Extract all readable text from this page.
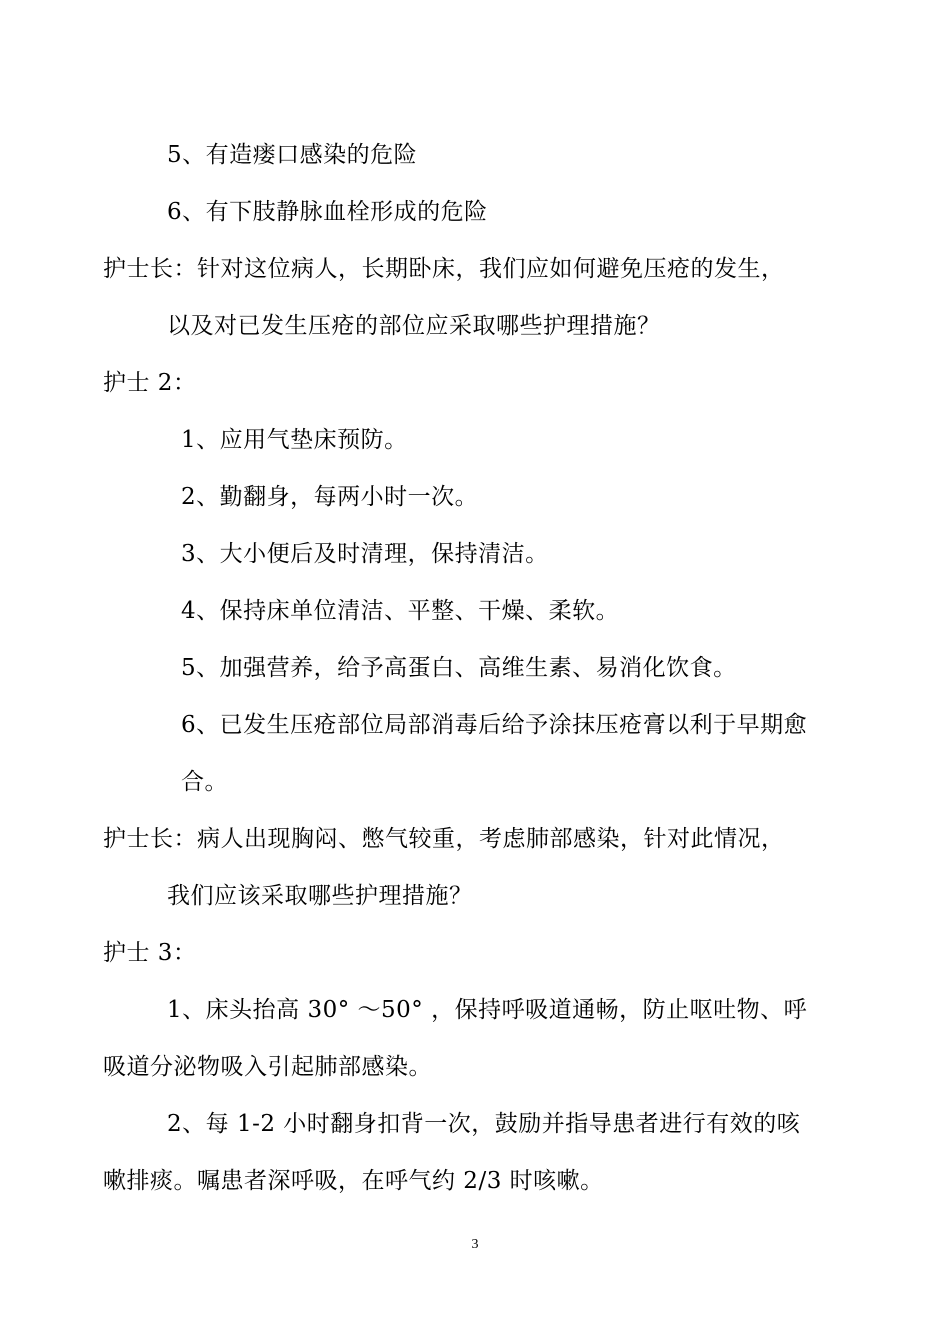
5、有造瘘口感染的危险
6、有下肢静脉血栓形成的危险
护士长：针对这位病人，长期卧床，我们应如何避免压疮的发生，
以及对已发生压疮的部位应采取哪些护理措施？
护士 2：
1、应用气垫床预防。
2、勤翻身，每两小时一次。
3、大小便后及时清理，保持清洁。
4、保持床单位清洁、平整、干燥、柔软。
5、加强营养，给予高蛋白、高维生素、易消化饮食。
6、已发生压疮部位局部消毒后给予涂抹压疮膏以利于早期愈
合。
护士长：病人出现胸闷、憋气较重，考虑肺部感染，针对此情况，
我们应该采取哪些护理措施？
护士 3：
1、床头抬高 30° ～50° ，保持呼吸道通畅，防止呕吐物、呼
吸道分泌物吸入引起肺部感染。
2、每 1-2 小时翻身扣背一次，鼓励并指导患者进行有效的咳
嗽排痰。嘱患者深呼吸，在呼气约 2/3 时咳嗽。
3
